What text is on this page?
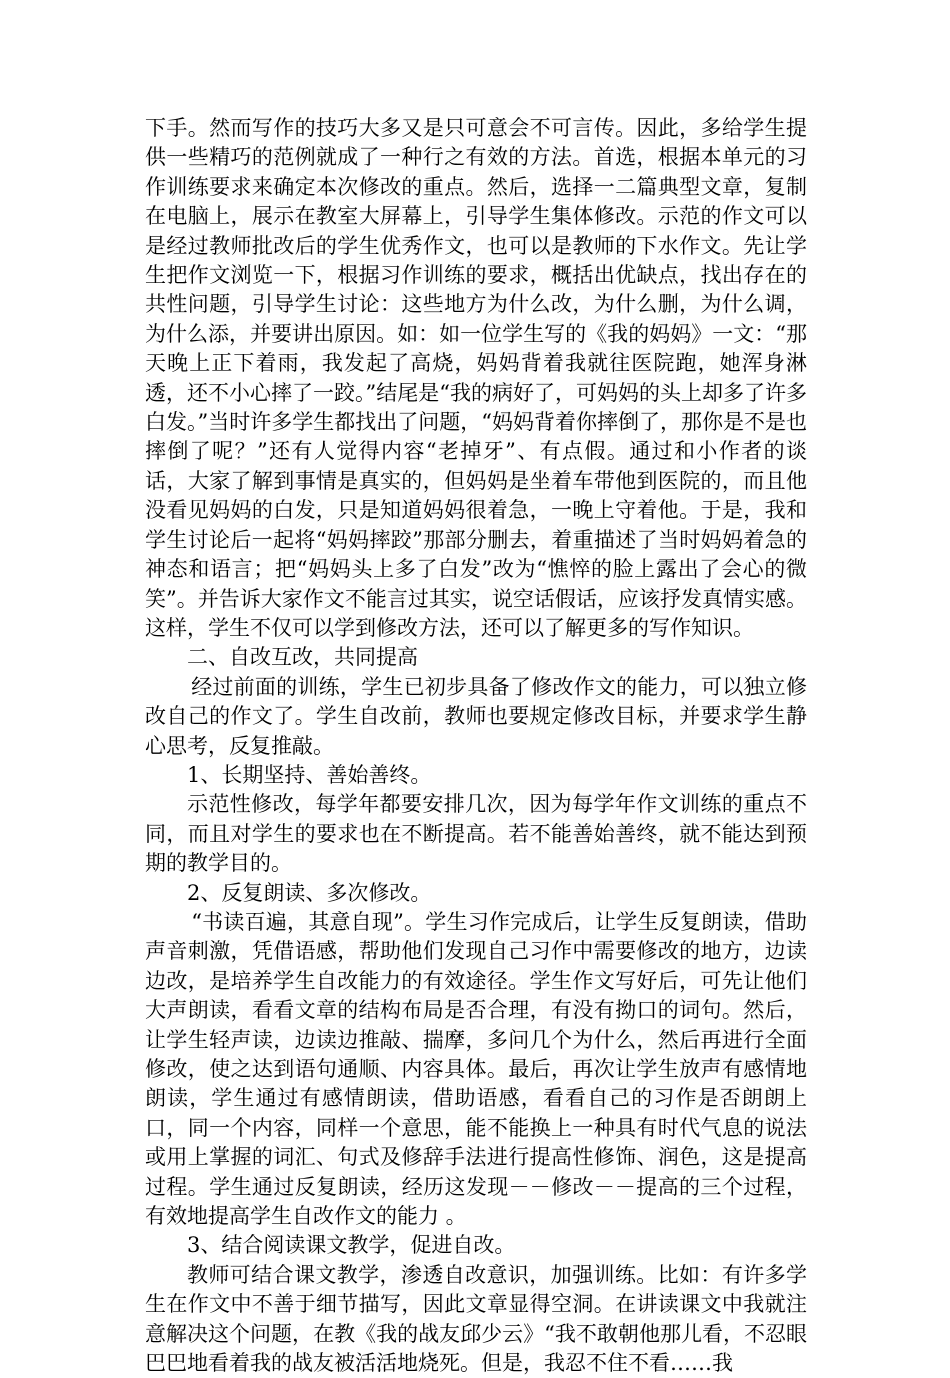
下手。然而写作的技巧大多又是只可意会不可言传。因此，多给学生提供一些精巧的范例就成了一种行之有效的方法。首选，根据本单元的习作训练要求来确定本次修改的重点。然后，选择一二篇典型文章，复制在电脑上，展示在教室大屏幕上，引导学生集体修改。示范的作文可以是经过教师批改后的学生优秀作文，也可以是教师的下水作文。先让学生把作文浏览一下，根据习作训练的要求，概括出优缺点，找出存在的共性问题，引导学生讨论：这些地方为什么改，为什么删，为什么调，为什么添，并要讲出原因。如：如一位学生写的《我的妈妈》一文：“那天晚上正下着雨，我发起了高烧，妈妈背着我就往医院跑，她浑身淋透，还不小心摔了一跤。”结尾是“我的病好了，可妈妈的头上却多了许多白发。”当时许多学生都找出了问题，“妈妈背着你摔倒了，那你是不是也摔倒了呢？”还有人觉得内容“老掉牙”、有点假。通过和小作者的谈话，大家了解到事情是真实的，但妈妈是坐着车带他到医院的，而且他没看见妈妈的白发，只是知道妈妈很着急，一晚上守着他。于是，我和学生讨论后一起将“妈妈摔跤”那部分删去，着重描述了当时妈妈着急的神态和语言；把“妈妈头上多了白发”改为“憔悴的脸上露出了会心的微笑”。并告诉大家作文不能言过其实，说空话假话，应该抒发真情实感。这样，学生不仅可以学到修改方法，还可以了解更多的写作知识。

二、自改互改，共同提高

经过前面的训练，学生已初步具备了修改作文的能力，可以独立修改自己的作文了。学生自改前，教师也要规定修改目标，并要求学生静心思考，反复推敲。

1、长期坚持、善始善终。

示范性修改，每学年都要安排几次，因为每学年作文训练的重点不同，而且对学生的要求也在不断提高。若不能善始善终，就不能达到预期的教学目的。

2、反复朗读、多次修改。

“书读百遍，其意自现”。学生习作完成后，让学生反复朗读，借助声音刺激，凭借语感，帮助他们发现自己习作中需要修改的地方，边读边改，是培养学生自改能力的有效途径。学生作文写好后，可先让他们大声朗读，看看文章的结构布局是否合理，有没有拗口的词句。然后，让学生轻声读，边读边推敲、揣摩，多问几个为什么，然后再进行全面修改，使之达到语句通顺、内容具体。最后，再次让学生放声有感情地朗读，学生通过有感情朗读，借助语感，看看自己的习作是否朗朗上口，同一个内容，同样一个意思，能不能换上一种具有时代气息的说法或用上掌握的词汇、句式及修辞手法进行提高性修饰、润色，这是提高过程。学生通过反复朗读，经历这发现－－修改－－提高的三个过程，有效地提高学生自改作文的能力 。

3、结合阅读课文教学，促进自改。

教师可结合课文教学，渗透自改意识，加强训练。比如：有许多学生在作文中不善于细节描写，因此文章显得空洞。在讲读课文中我就注意解决这个问题，在教《我的战友邱少云》“我不敢朝他那儿看，不忍眼巴巴地看着我的战友被活活地烧死。但是，我忍不住不看……我
